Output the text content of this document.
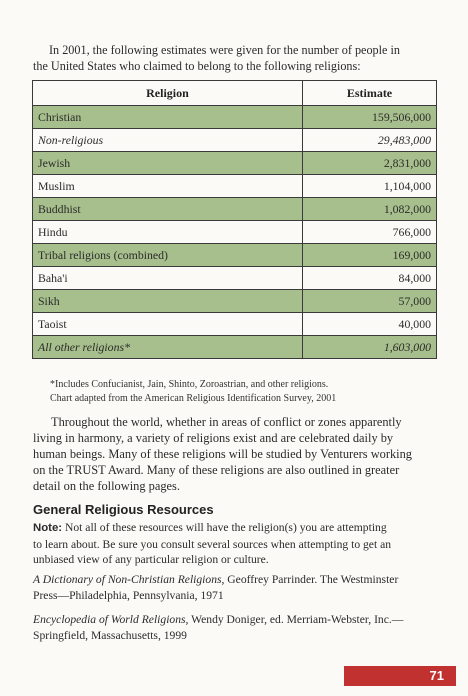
In 2001, the following estimates were given for the number of people in
the United States who claimed to belong to the following religions:
Religion	Estimate
Christian	159,506,000
Non-religious	29,483,000
Jewish	2,831,000
Muslim	1,104,000
Buddhist	1,082,000
Hindu	766,000
Tribal religions (combined)	169,000
Baha'i	84,000
Sikh	57,000
Taoist	40,000
All other religions*	1,603,000
*Includes Confucianist, Jain, Shinto, Zoroastrian, and other religions.
Chart adapted from the American Religious Identification Survey, 2001
Throughout the world, whether in areas of conflict or zones apparently
living in harmony, a variety of religions exist and are celebrated daily by
human beings. Many of these religions will be studied by Venturers working
on the TRUST Award. Many of these religions are also outlined in greater
detail on the following pages.
General Religious Resources
Note: Not all of these resources will have the religion(s) you are attempting
to learn about. Be sure you consult several sources when attempting to get an
unbiased view of any particular religion or culture.
A Dictionary of Non-Christian Religions, Geoffrey Parrinder. The Westminster
Press—Philadelphia, Pennsylvania, 1971
Encyclopedia of World Religions, Wendy Doniger, ed. Merriam-Webster, Inc.—
Springfield, Massachusetts, 1999
71
